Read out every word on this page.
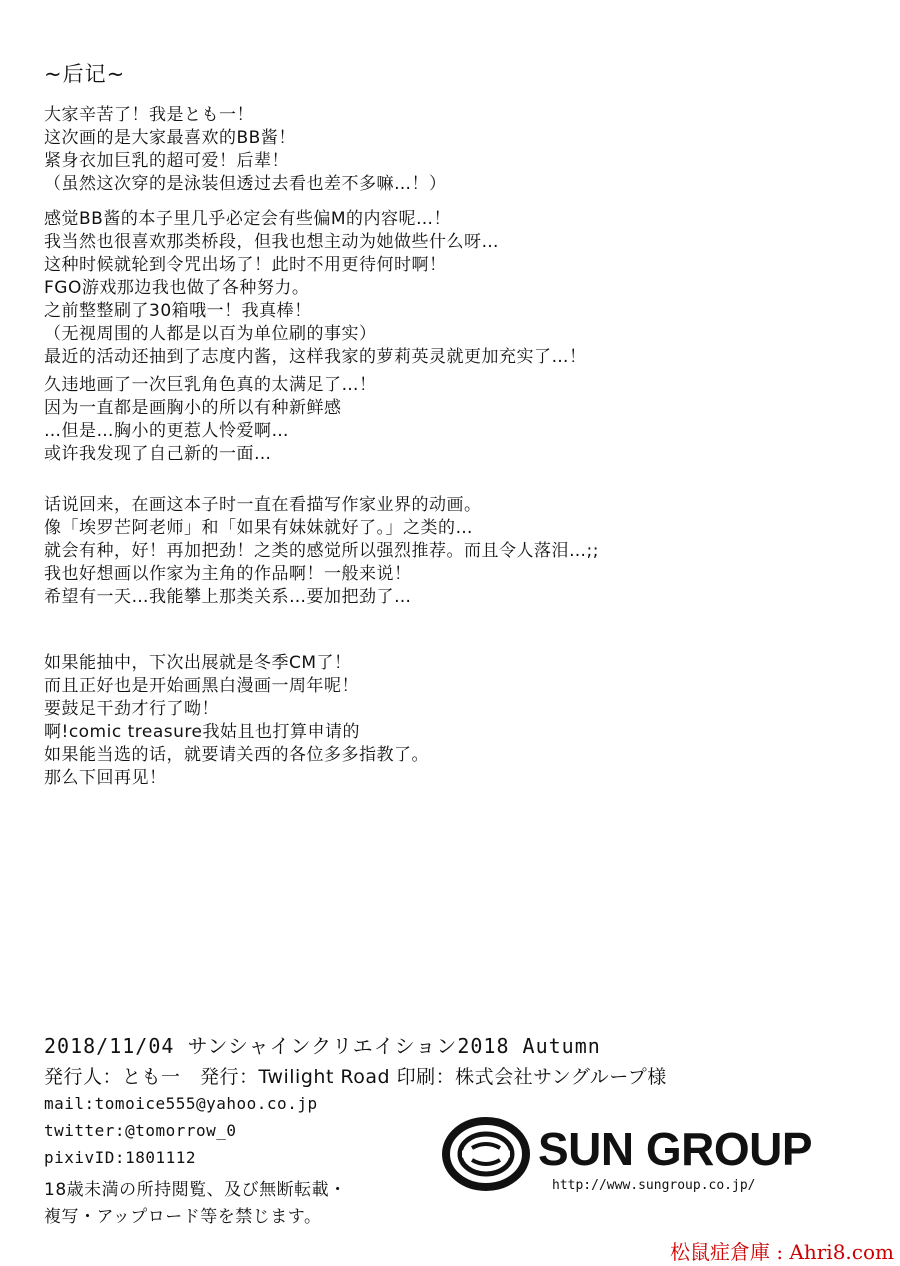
~后记~
大家辛苦了！我是とも一！
这次画的是大家最喜欢的BB酱！
紧身衣加巨乳的超可爱！后辈！
（虽然这次穿的是泳装但透过去看也差不多嘛…！）
感觉BB酱的本子里几乎必定会有些偏M的内容呢…！
我当然也很喜欢那类桥段，但我也想主动为她做些什么呀…
这种时候就轮到令咒出场了！此时不用更待何时啊！
FGO游戏那边我也做了各种努力。
之前整整刷了30箱哦一！我真棒！
（无视周围的人都是以百为单位刷的事实）
最近的活动还抽到了志度内酱，这样我家的萝莉英灵就更加充实了…！
久违地画了一次巨乳角色真的太满足了…！
因为一直都是画胸小的所以有种新鲜感
…但是…胸小的更惹人怜爱啊…
或许我发现了自己新的一面…
话说回来，在画这本子时一直在看描写作家业界的动画。
像「埃罗芒阿老师」和「如果有妹妹就好了。」之类的…
就会有种，好！再加把劲！之类的感觉所以强烈推荐。而且令人落泪…;;
我也好想画以作家为主角的作品啊！一般来说！
希望有一天…我能攀上那类关系…要加把劲了…
如果能抽中，下次出展就是冬季CM了！
而且正好也是开始画黑白漫画一周年呢！
要鼓足干劲才行了呦！
啊!comic treasure我姑且也打算申请的
如果能当选的话，就要请关西的各位多多指教了。
那么下回再见！
2018/11/04 サンシャインクリエイション2018 Autumn
発行人：とも一　発行：Twilight Road 印刷：株式会社サングループ様
mail:tomoice555@yahoo.co.jp
twitter:@tomorrow_0
pixivID:1801112
18歳未満の所持閲覧、及び無断転載・
複写・アップロード等を禁じます。
SUN GROUP
http://www.sungroup.co.jp/
松鼠症倉庫 : Ahri8.com
